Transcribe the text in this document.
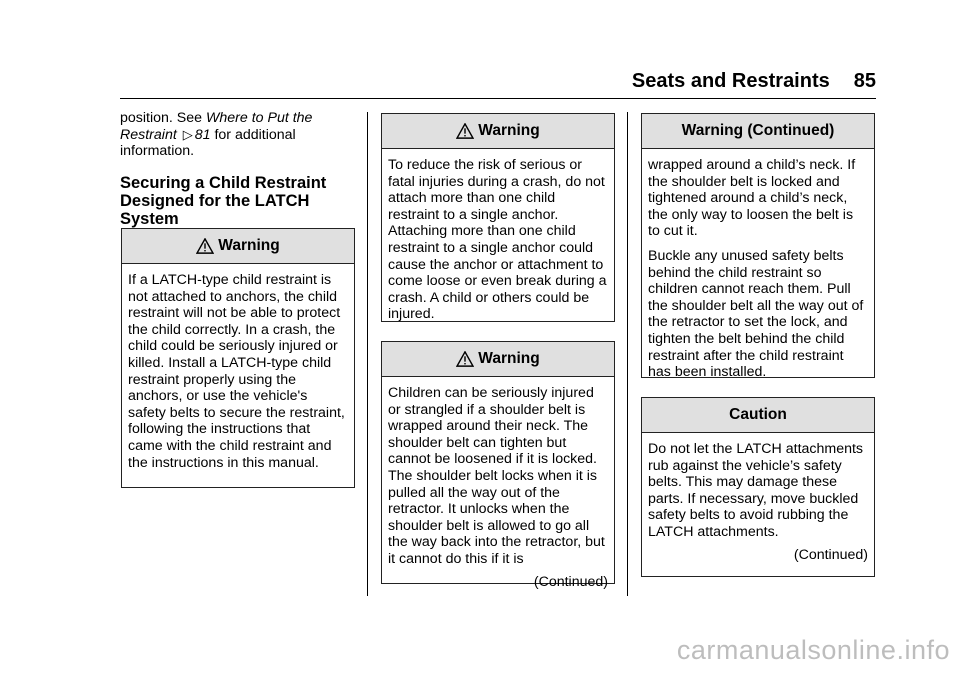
Seats and Restraints 85

position. See Where to Put the Restraint ▷ 81 for additional information.

Securing a Child Restraint Designed for the LATCH System
Warning

If a LATCH-type child restraint is not attached to anchors, the child restraint will not be able to protect the child correctly. In a crash, the child could be seriously injured or killed. Install a LATCH-type child restraint properly using the anchors, or use the vehicle's safety belts to secure the restraint, following the instructions that came with the child restraint and the instructions in this manual.

Warning

To reduce the risk of serious or fatal injuries during a crash, do not attach more than one child restraint to a single anchor. Attaching more than one child restraint to a single anchor could cause the anchor or attachment to come loose or even break during a crash. A child or others could be injured.

Warning

Children can be seriously injured or strangled if a shoulder belt is wrapped around their neck. The shoulder belt can tighten but cannot be loosened if it is locked. The shoulder belt locks when it is pulled all the way out of the retractor. It unlocks when the shoulder belt is allowed to go all the way back into the retractor, but it cannot do this if it is

(Continued)

Warning (Continued)

wrapped around a child’s neck. If the shoulder belt is locked and tightened around a child’s neck, the only way to loosen the belt is to cut it.

Buckle any unused safety belts behind the child restraint so children cannot reach them. Pull the shoulder belt all the way out of the retractor to set the lock, and tighten the belt behind the child restraint after the child restraint has been installed.

Caution

Do not let the LATCH attachments rub against the vehicle’s safety belts. This may damage these parts. If necessary, move buckled safety belts to avoid rubbing the LATCH attachments.

(Continued)

carmanualsonline.info
